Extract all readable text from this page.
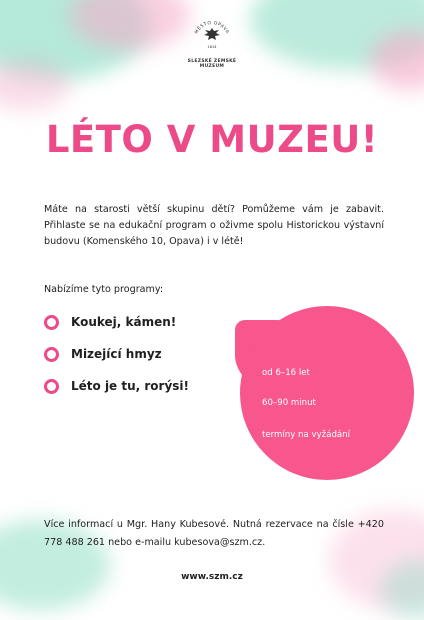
MĚSTO OPAVA
1814
SLEZSKÉ ZEMSKÉ MUZEUM
LÉTO V MUZEU!
Máte na starosti větší skupinu dětí? Pomůžeme vám je zabavit. Přihlaste se na edukační program o oživme spolu Historickou výstavní budovu (Komenského 10, Opava) i v létě!
Nabízíme tyto programy:
Koukej, kámen!
Mizející hmyz
Léto je tu, rorýsi!
od 6–16 let
60–90 minut
termíny na vyžádání
Více informací u Mgr. Hany Kubesové. Nutná rezervace na čísle +420 778 488 261 nebo e-mailu kubesova@szm.cz.
www.szm.cz
